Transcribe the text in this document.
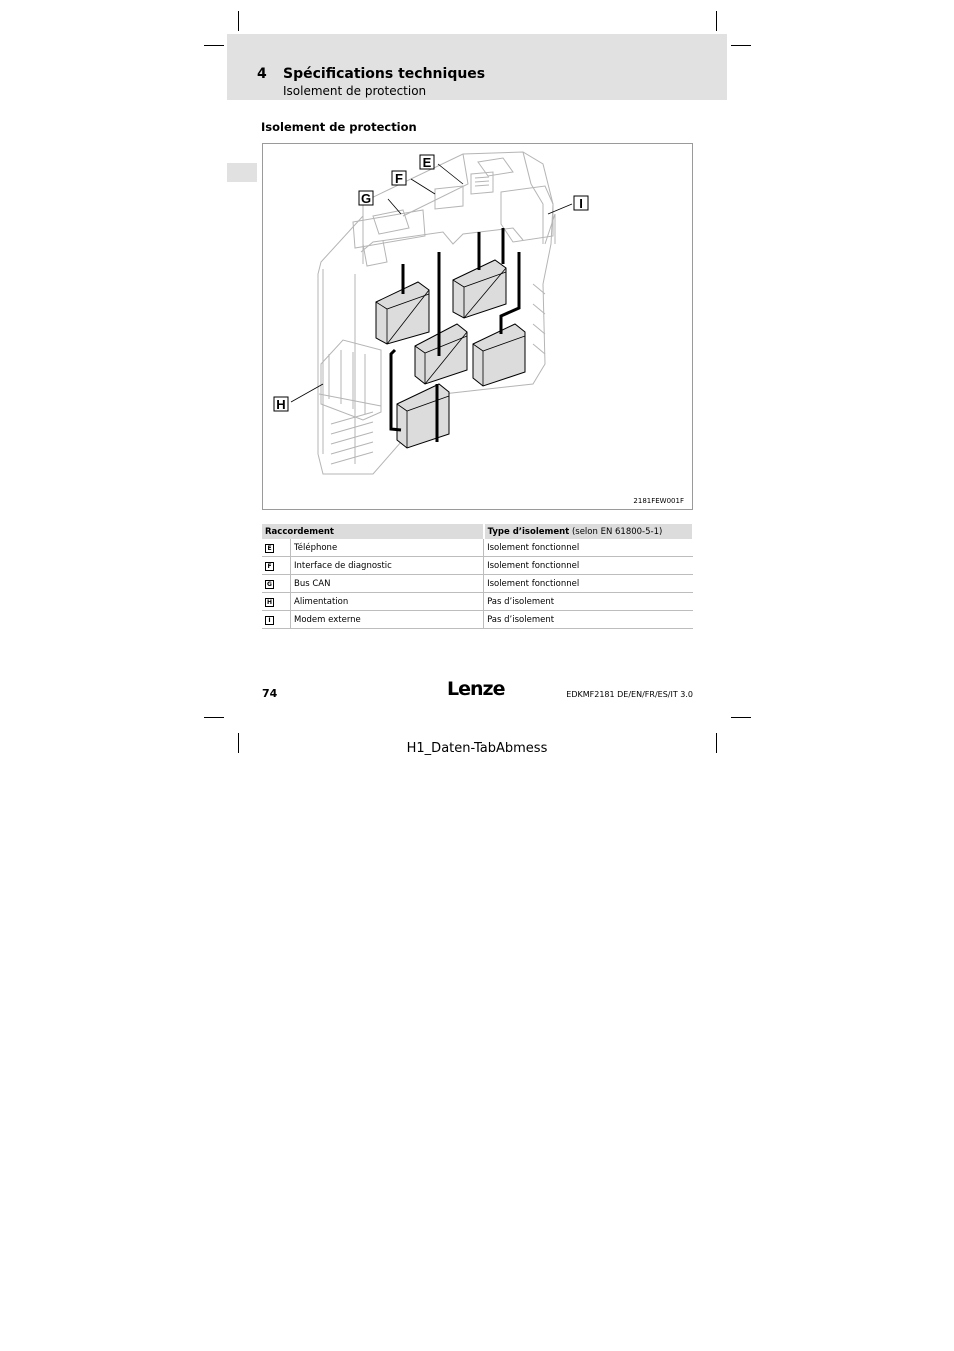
4 Spécifications techniques
Isolement de protection
Isolement de protection
E
F
G	I
H
2181FEW001F
Raccordement		Type d’isolement (selon EN 61800-5-1)
E	Téléphone	Isolement fonctionnel
F	Interface de diagnostic	Isolement fonctionnel
G	Bus CAN	Isolement fonctionnel
H	Alimentation	Pas d’isolement
I	Modem externe	Pas d’isolement
74	Lenze	EDKMF2181 DE/EN/FR/ES/IT 3.0
H1_Daten-TabAbmess
